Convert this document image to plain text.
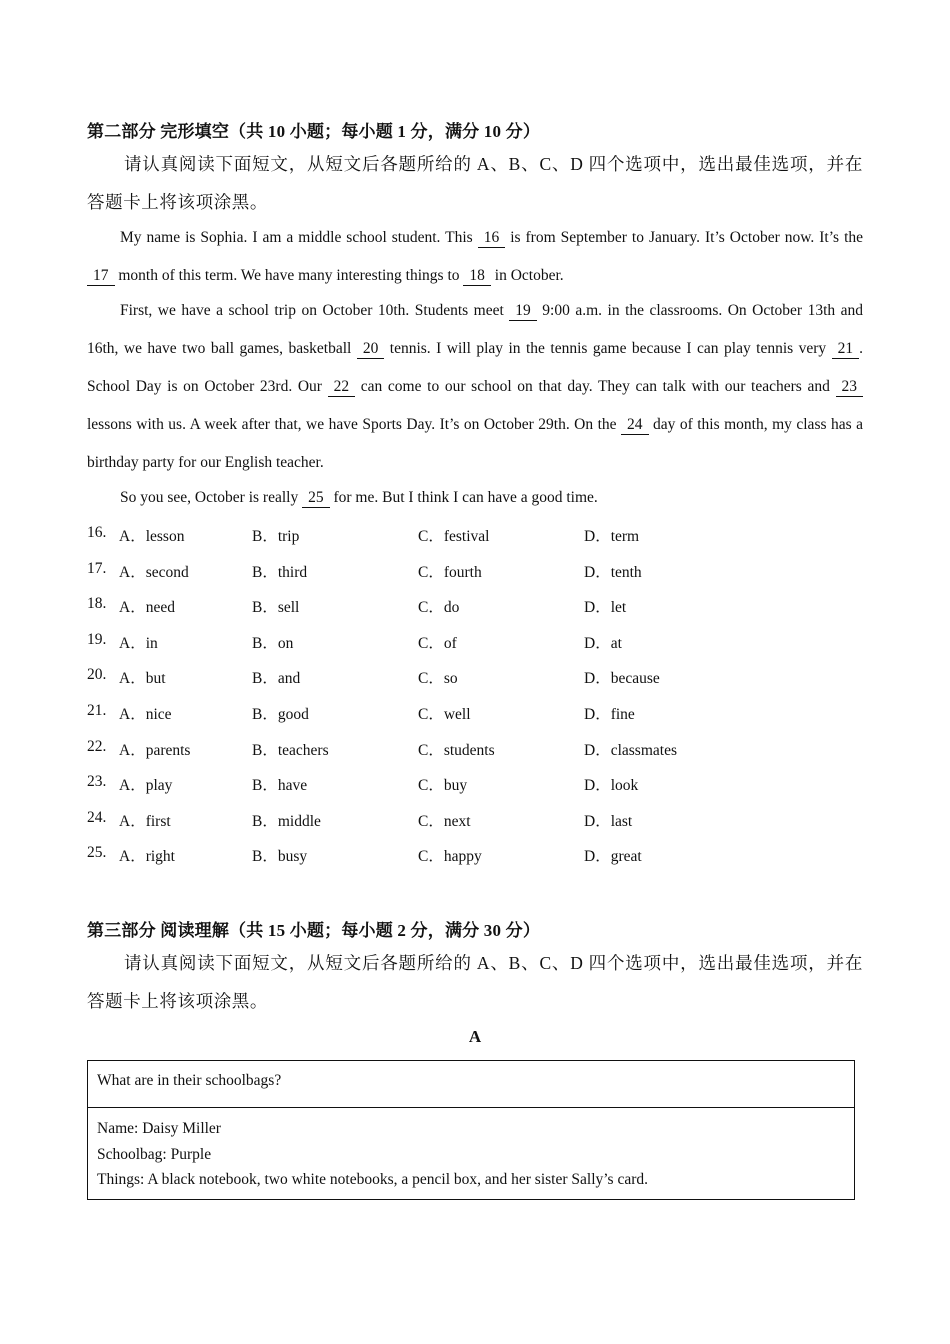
第二部分 完形填空（共 10 小题；每小题 1 分，满分 10 分）
请认真阅读下面短文，从短文后各题所给的 A、B、C、D 四个选项中，选出最佳选项，并在答题卡上将该项涂黑。
My name is Sophia. I am a middle school student. This 16 is from September to January. It’s October now. It’s the 17 month of this term. We have many interesting things to 18 in October.
First, we have a school trip on October 10th. Students meet 19 9:00 a.m. in the classrooms. On October 13th and 16th, we have two ball games, basketball 20 tennis. I will play in the tennis game because I can play tennis very 21 . School Day is on October 23rd. Our 22 can come to our school on that day. They can talk with our teachers and 23 lessons with us. A week after that, we have Sports Day. It’s on October 29th. On the 24 day of this month, my class has a birthday party for our English teacher.
So you see, October is really 25 for me. But I think I can have a good time.
16. A．lesson	B．trip	C．festival	D．term
17. A．second	B．third	C．fourth	D．tenth
18. A．need	B．sell	C．do	D．let
19. A．in	B．on	C．of	D．at
20. A．but	B．and	C．so	D．because
21. A．nice	B．good	C．well	D．fine
22. A．parents	B．teachers	C．students	D．classmates
23. A．play	B．have	C．buy	D．look
24. A．first	B．middle	C．next	D．last
25. A．right	B．busy	C．happy	D．great
第三部分 阅读理解（共 15 小题；每小题 2 分，满分 30 分）
请认真阅读下面短文，从短文后各题所给的 A、B、C、D 四个选项中，选出最佳选项，并在答题卡上将该项涂黑。
A
What are in their schoolbags?
Name: Daisy Miller
Schoolbag: Purple
Things: A black notebook, two white notebooks, a pencil box, and her sister Sally’s card.
